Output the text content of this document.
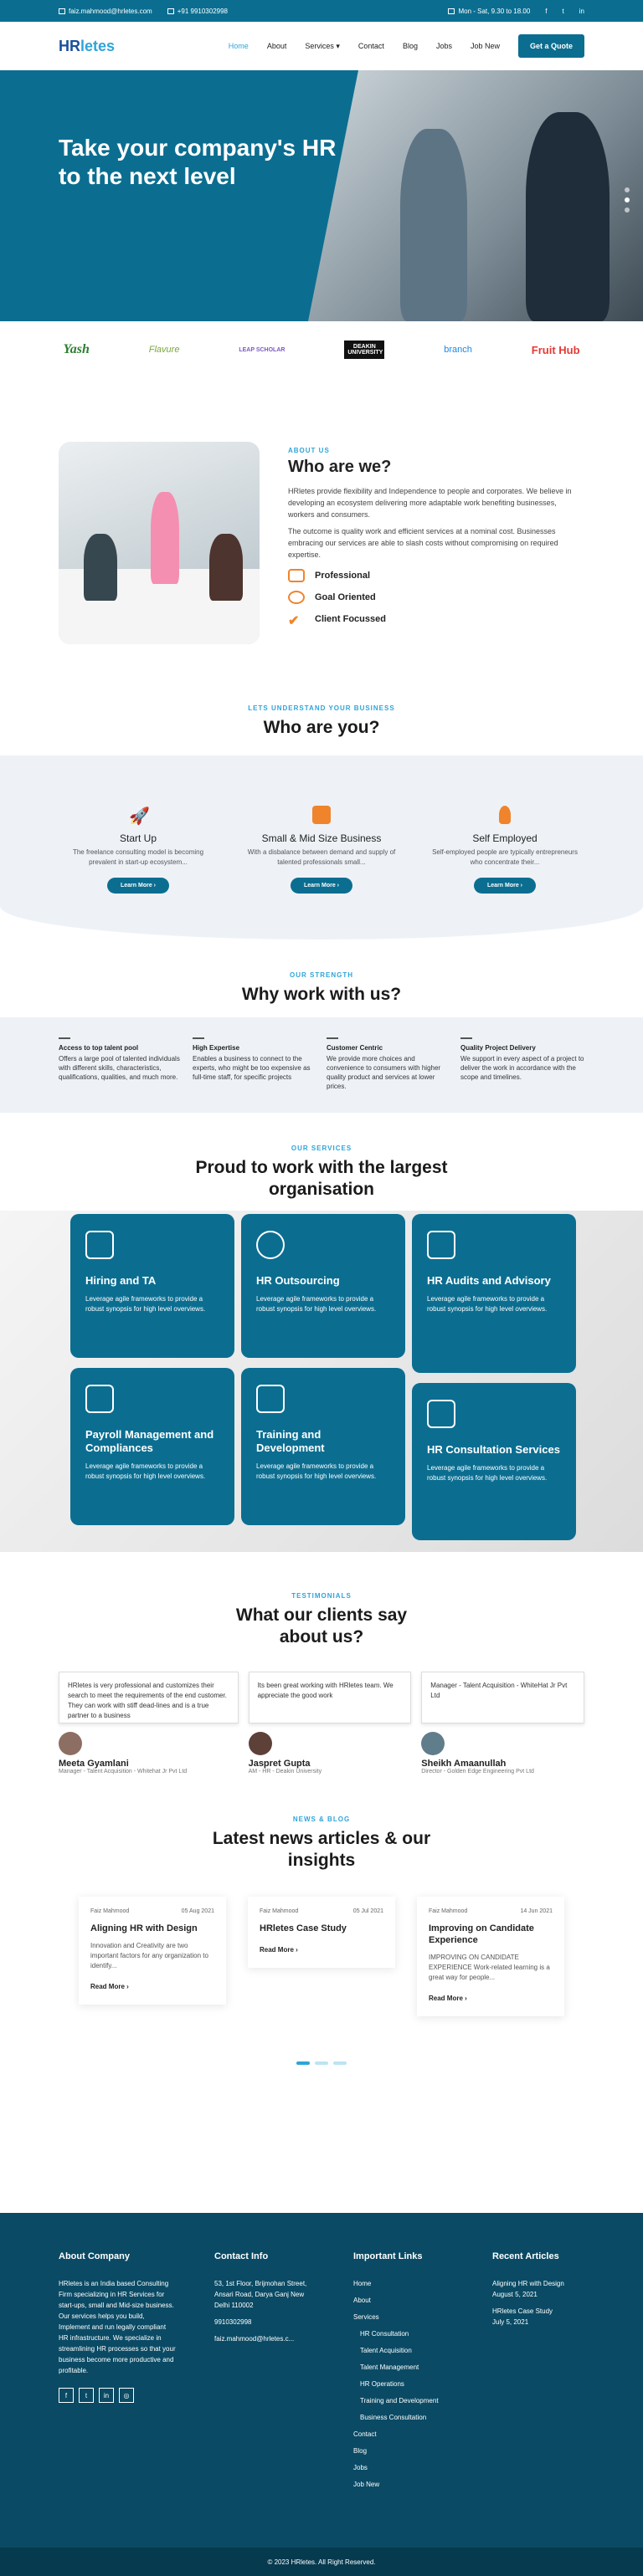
faiz.mahmood@hrletes.com	+91 9910302998	Mon - Sat, 9.30 to 18.00 f t in
HRletes	Home About Services ▾ Contact Blog Jobs Job New	Get a Quote
Take your company's HR to the next level
Yash	Flavure	LEAP SCHOLAR	DEAKIN UNIVERSITY	branch	Fruit Hub
ABOUT US
Who are we?

HRletes provide flexibility and Independence to people and corporates. We believe in developing an ecosystem delivering more adaptable work benefiting businesses, workers and consumers.

The outcome is quality work and efficient services at a nominal cost. Businesses embracing our services are able to slash costs without compromising on required expertise.

Professional
Goal Oriented
✔	Client Focussed
LETS UNDERSTAND YOUR BUSINESS
Who are you?
🚀
Start Up

The freelance consulting model is becoming prevalent in start-up ecosystem...

Learn More ›
Small & Mid Size Business

With a disbalance between demand and supply of talented professionals small...

Learn More ›
Self Employed

Self-employed people are typically entrepreneurs who concentrate their...

Learn More ›
OUR STRENGTH
Why work with us?
Access to top talent pool

Offers a large pool of talented individuals with different skills, characteristics, qualifications, qualities, and much more.

High Expertise

Enables a business to connect to the experts, who might be too expensive as full-time staff, for specific projects

Customer Centric

We provide more choices and convenience to consumers with higher quality product and services at lower prices.

Quality Project Delivery

We support in every aspect of a project to deliver the work in accordance with the scope and timelines.

OUR SERVICES
Proud to work with the largest organisation
Hiring and TA

Leverage agile frameworks to provide a robust synopsis for high level overviews.

HR Outsourcing

Leverage agile frameworks to provide a robust synopsis for high level overviews.

HR Audits and Advisory

Leverage agile frameworks to provide a robust synopsis for high level overviews.

Payroll Management and Compliances

Leverage agile frameworks to provide a robust synopsis for high level overviews.

Training and Development

Leverage agile frameworks to provide a robust synopsis for high level overviews.

HR Consultation Services

Leverage agile frameworks to provide a robust synopsis for high level overviews.

TESTIMONIALS
What our clients say about us?
HRletes is very professional and customizes their search to meet the requirements of the end customer. They can work with stiff dead-lines and is a true partner to a business
Meeta Gyamlani
Manager - Talent Acquisition - Whitehat Jr Pvt Ltd
Its been great working with HRletes team. We appreciate the good work
Jaspret Gupta
AM - HR - Deakin University
Manager - Talent Acquisition - WhiteHat Jr Pvt Ltd
Sheikh Amaanullah
Director - Golden Edge Engineering Pvt Ltd
NEWS & BLOG
Latest news articles & our insights
Faiz Mahmood	05 Aug 2021
Aligning HR with Design

Innovation and Creativity are two important factors for any organization to identify...

Read More ›
Faiz Mahmood	05 Jul 2021
HRletes Case Study
Read More ›
Faiz Mahmood	14 Jun 2021
Improving on Candidate Experience

IMPROVING ON CANDIDATE EXPERIENCE Work-related learning is a great way for people...

Read More ›
About Company

HRletes is an India based Consulting Firm specializing in HR Services for start-ups, small and Mid-size business. Our services helps you build, Implement and run legally compliant HR infrastructure. We specialize in streamlining HR processes so that your business become more productive and profitable.

f	t	in	◎
Contact Info
53, 1st Floor, Brijmohan Street, Ansari Road, Darya Ganj New Delhi 110002
9910302998
faiz.mahmood@hrletes.c...
Important Links
Home
About
Services
HR Consultation
Talent Acquisition
Talent Management
HR Operations
Training and Development
Business Consultation
Contact
Blog
Jobs
Job New
Recent Articles
Aligning HR with Design
August 5, 2021
HRletes Case Study
July 5, 2021
© 2023 HRletes. All Right Reserved.
